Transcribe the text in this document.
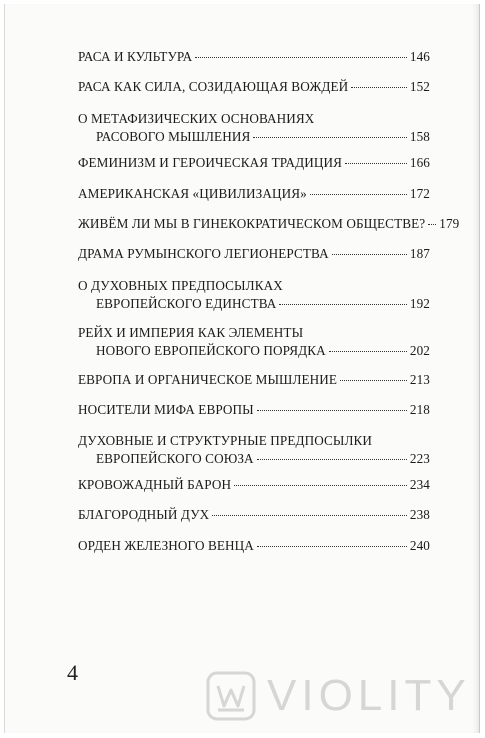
РАСА И КУЛЬТУРА	146
РАСА КАК СИЛА, СОЗИДАЮЩАЯ ВОЖДЕЙ	152
О МЕТАФИЗИЧЕСКИХ ОСНОВАНИЯХ
РАСОВОГО МЫШЛЕНИЯ	158
ФЕМИНИЗМ И ГЕРОИЧЕСКАЯ ТРАДИЦИЯ	166
АМЕРИКАНСКАЯ «ЦИВИЛИЗАЦИЯ»	172
ЖИВЁМ ЛИ МЫ В ГИНЕКОКРАТИЧЕСКОМ ОБЩЕСТВЕ? 179
ДРАМА РУМЫНСКОГО ЛЕГИОНЕРСТВА	187
О ДУХОВНЫХ ПРЕДПОСЫЛКАХ
ЕВРОПЕЙСКОГО ЕДИНСТВА	192
РЕЙХ И ИМПЕРИЯ КАК ЭЛЕМЕНТЫ
НОВОГО ЕВРОПЕЙСКОГО ПОРЯДКА	202
ЕВРОПА И ОРГАНИЧЕСКОЕ МЫШЛЕНИЕ	213
НОСИТЕЛИ МИФА ЕВРОПЫ	218
ДУХОВНЫЕ И СТРУКТУРНЫЕ ПРЕДПОСЫЛКИ
ЕВРОПЕЙСКОГО СОЮЗА	223
КРОВОЖАДНЫЙ БАРОН	234
БЛАГОРОДНЫЙ ДУХ	238
ОРДЕН ЖЕЛЕЗНОГО ВЕНЦА	240
4	VIOLITY
